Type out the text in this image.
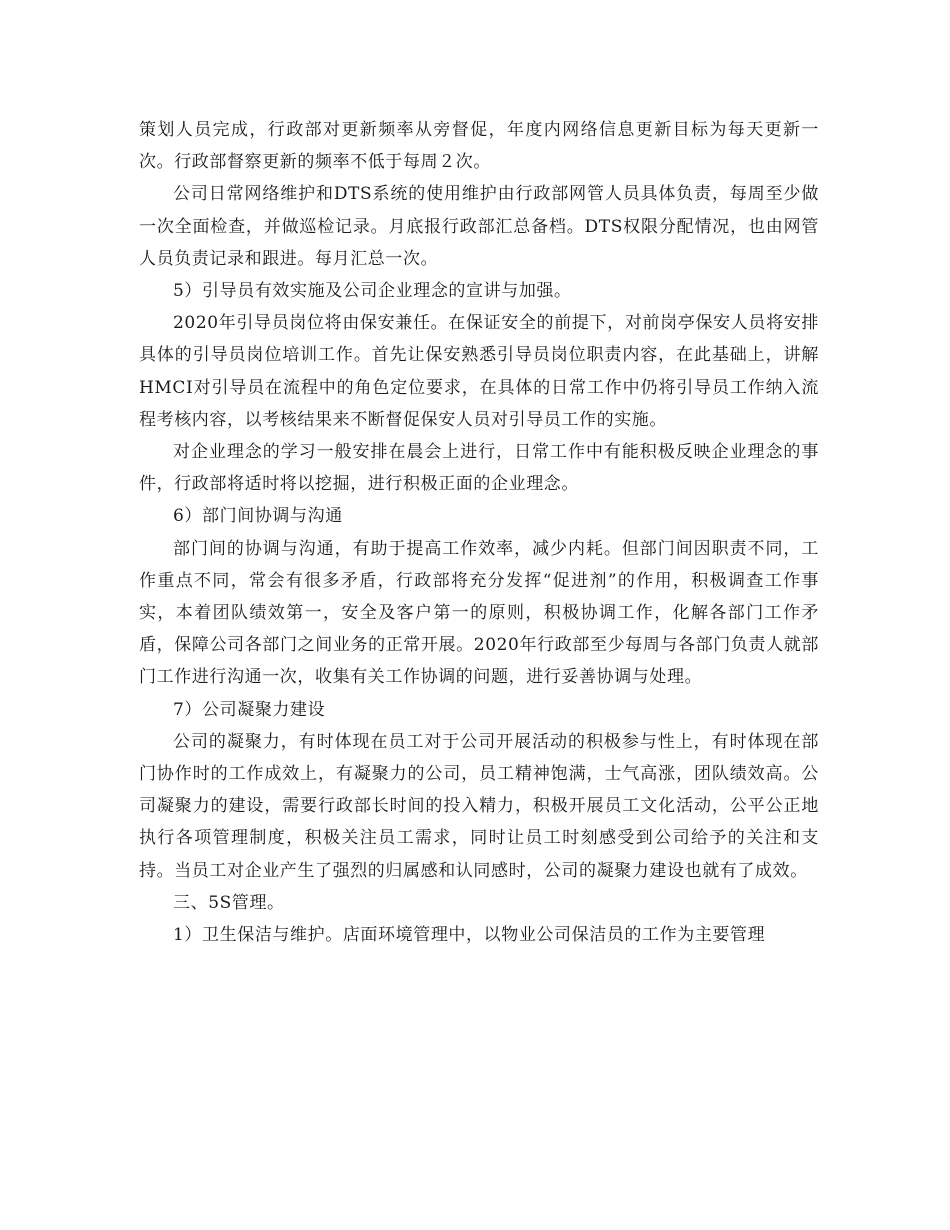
策划人员完成，行政部对更新频率从旁督促，年度内网络信息更新目标为每天更新一次。行政部督察更新的频率不低于每周２次。

公司日常网络维护和DTS系统的使用维护由行政部网管人员具体负责，每周至少做一次全面检查，并做巡检记录。月底报行政部汇总备档。DTS权限分配情况，也由网管人员负责记录和跟进。每月汇总一次。

5）引导员有效实施及公司企业理念的宣讲与加强。

2020年引导员岗位将由保安兼任。在保证安全的前提下，对前岗亭保安人员将安排具体的引导员岗位培训工作。首先让保安熟悉引导员岗位职责内容，在此基础上，讲解HMCI对引导员在流程中的角色定位要求，在具体的日常工作中仍将引导员工作纳入流程考核内容，以考核结果来不断督促保安人员对引导员工作的实施。

对企业理念的学习一般安排在晨会上进行，日常工作中有能积极反映企业理念的事件，行政部将适时将以挖掘，进行积极正面的企业理念。

6）部门间协调与沟通

部门间的协调与沟通，有助于提高工作效率，减少内耗。但部门间因职责不同，工作重点不同，常会有很多矛盾，行政部将充分发挥“促进剂”的作用，积极调查工作事实，本着团队绩效第一，安全及客户第一的原则，积极协调工作，化解各部门工作矛盾，保障公司各部门之间业务的正常开展。2020年行政部至少每周与各部门负责人就部门工作进行沟通一次，收集有关工作协调的问题，进行妥善协调与处理。

7）公司凝聚力建设

公司的凝聚力，有时体现在员工对于公司开展活动的积极参与性上，有时体现在部门协作时的工作成效上，有凝聚力的公司，员工精神饱满，士气高涨，团队绩效高。公司凝聚力的建设，需要行政部长时间的投入精力，积极开展员工文化活动，公平公正地执行各项管理制度，积极关注员工需求，同时让员工时刻感受到公司给予的关注和支持。当员工对企业产生了强烈的归属感和认同感时，公司的凝聚力建设也就有了成效。

三、5S管理。

1）卫生保洁与维护。店面环境管理中，以物业公司保洁员的工作为主要管理
